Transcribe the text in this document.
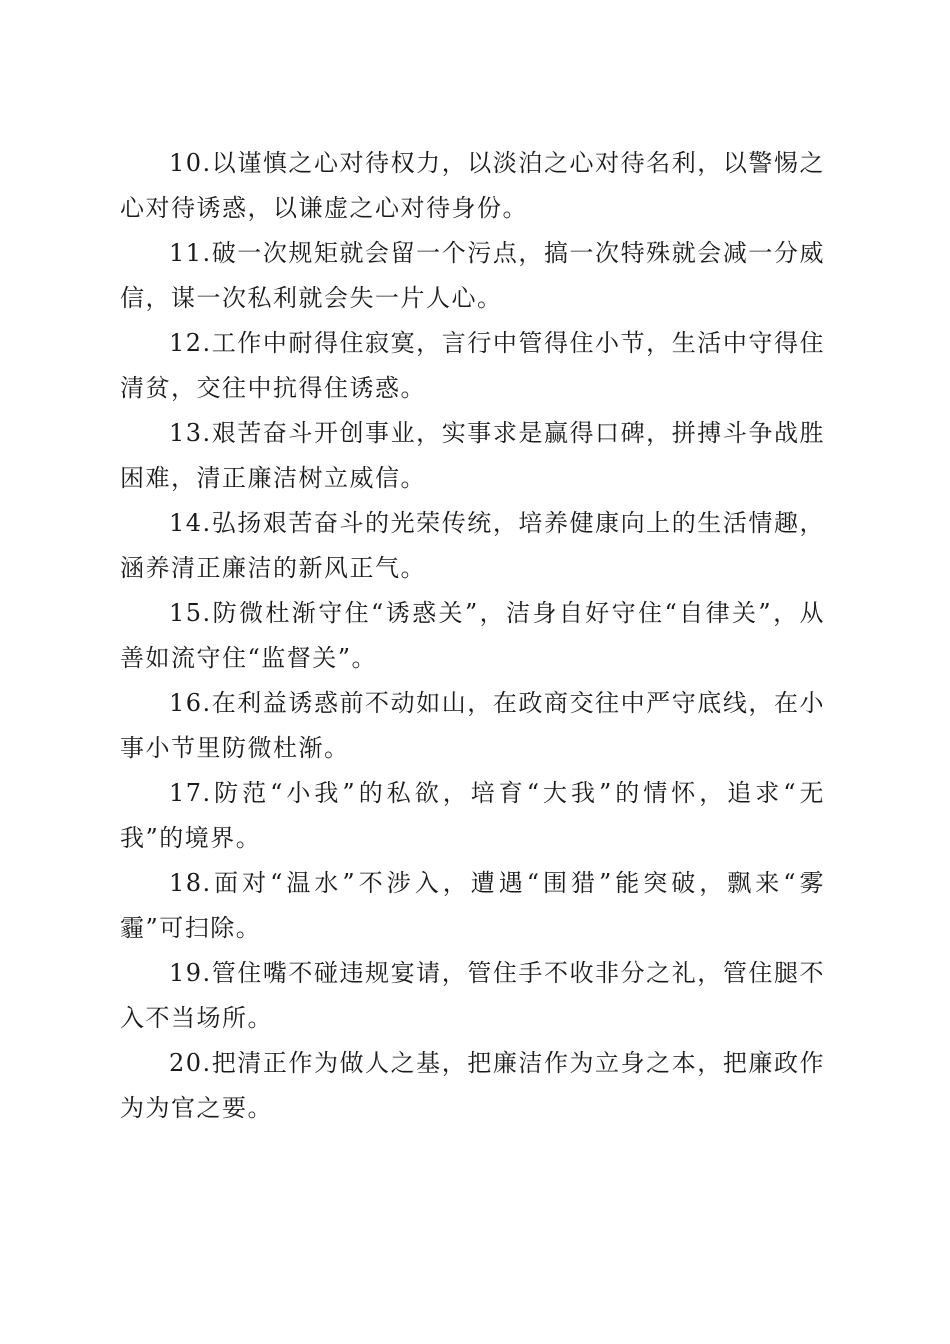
10.以谨慎之心对待权力，以淡泊之心对待名利，以警惕之心对待诱惑，以谦虚之心对待身份。

11.破一次规矩就会留一个污点，搞一次特殊就会减一分威信，谋一次私利就会失一片人心。

12.工作中耐得住寂寞，言行中管得住小节，生活中守得住清贫，交往中抗得住诱惑。

13.艰苦奋斗开创事业，实事求是赢得口碑，拼搏斗争战胜困难，清正廉洁树立威信。

14.弘扬艰苦奋斗的光荣传统，培养健康向上的生活情趣，涵养清正廉洁的新风正气。

15.防微杜渐守住“诱惑关”，洁身自好守住“自律关”，从善如流守住“监督关”。

16.在利益诱惑前不动如山，在政商交往中严守底线，在小事小节里防微杜渐。

17.防范“小我”的私欲，培育“大我”的情怀，追求“无我”的境界。

18.面对“温水”不涉入，遭遇“围猎”能突破，飘来“雾霾”可扫除。

19.管住嘴不碰违规宴请，管住手不收非分之礼，管住腿不入不当场所。

20.把清正作为做人之基，把廉洁作为立身之本，把廉政作为为官之要。
